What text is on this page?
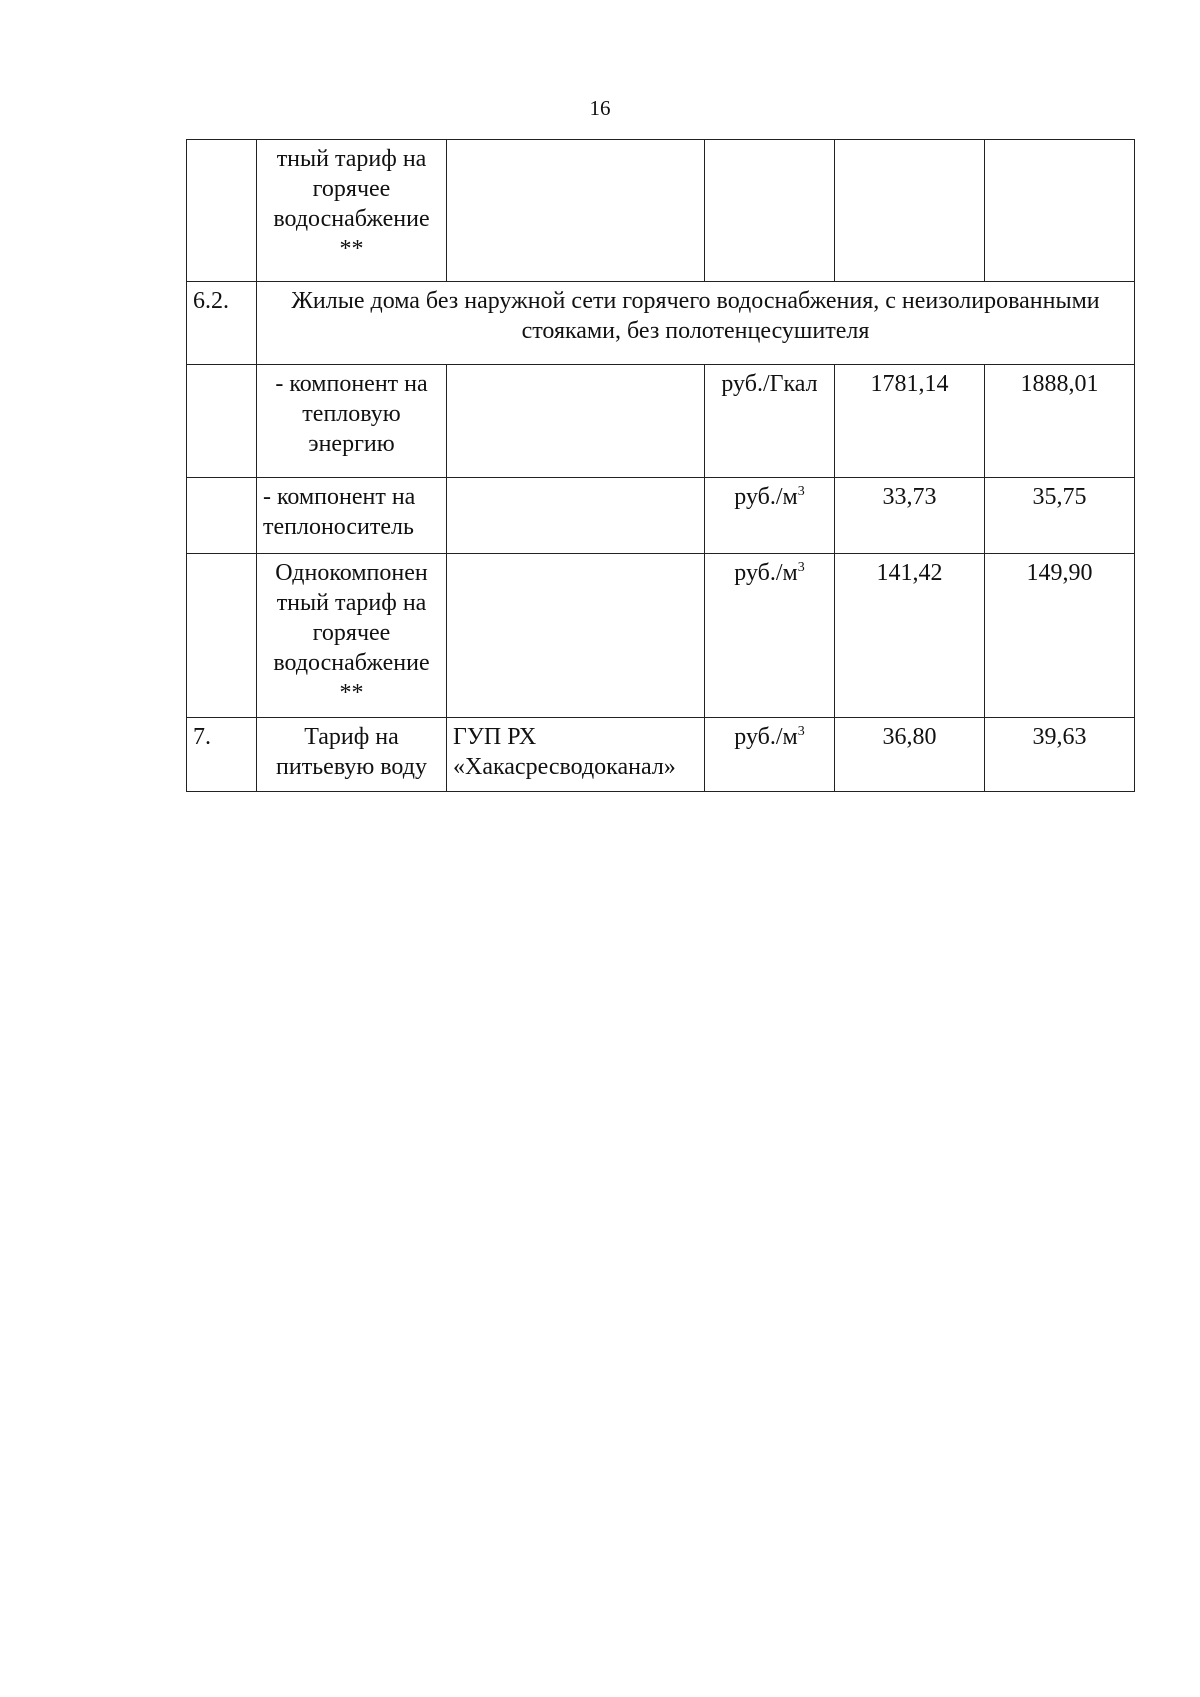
16
	тный тариф на горячее водоснабжение **				
6.2.	Жилые дома без наружной сети горячего водоснабжения, с неизолированными стояками, без полотенцесушителя				
	- компонент на тепловую энергию		руб./Гкал	1781,14	1888,01
	- компонент на теплоноситель		$руб./м^3$	33,73	35,75
	Однокомпонен тный тариф на горячее водоснабжение **		$руб./м^3$	141,42	149,90
7.	Тариф на питьевую воду	ГУП РХ «Хакасресводоканал»	$руб./м^3$	36,80	39,63
